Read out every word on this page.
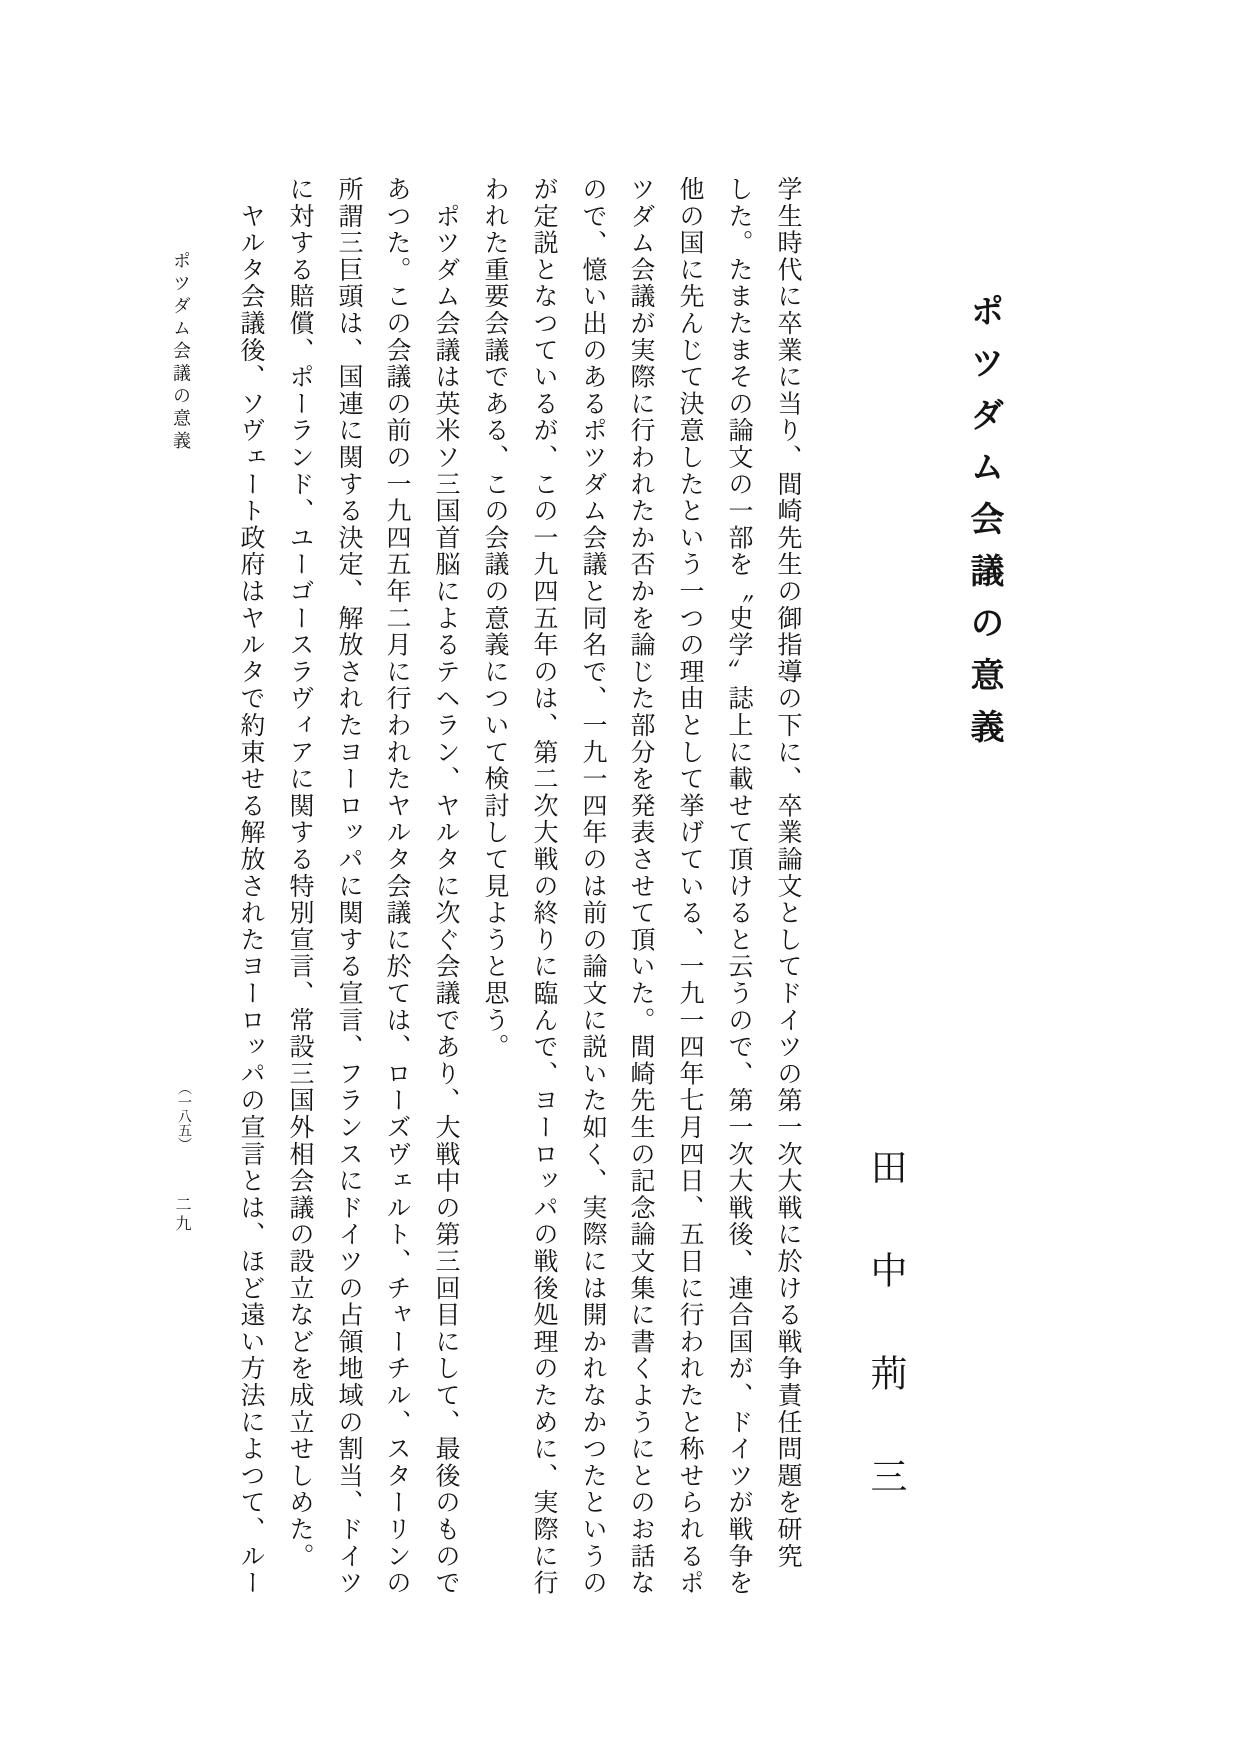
ポツダム会議の意義
田中荊三
学生時代に卒業に当り、間崎先生の御指導の下に、卒業論文としてドイツの第一次大戦に於ける戦争責任問題を研究
した。たまたまその論文の一部を〝史学〟誌上に載せて頂けると云うので、第一次大戦後、連合国が、ドイツが戦争を
他の国に先んじて決意したという一つの理由として挙げている、一九一四年七月四日、五日に行われたと称せられるポ
ツダム会議が実際に行われたか否かを論じた部分を発表させて頂いた。間崎先生の記念論文集に書くようにとのお話な
ので、憶い出のあるポツダム会議と同名で、一九一四年のは前の論文に説いた如く、実際には開かれなかつたというの
が定説となつているが、この一九四五年のは、第二次大戦の終りに臨んで、ヨーロッパの戦後処理のために、実際に行
われた重要会議である、この会議の意義について検討して見ようと思う。
　ポツダム会議は英米ソ三国首脳によるテヘラン、ヤルタに次ぐ会議であり、大戦中の第三回目にして、最後のもので
あつた。この会議の前の一九四五年二月に行われたヤルタ会議に於ては、ローズヴェルト、チャーチル、スターリンの
所謂三巨頭は、国連に関する決定、解放されたヨーロッパに関する宣言、フランスにドイツの占領地域の割当、ドイツ
に対する賠償、ポーランド、ユーゴースラヴィアに関する特別宣言、常設三国外相会議の設立などを成立せしめた。
　ヤルタ会議後、ソヴェート政府はヤルタで約束せる解放されたヨーロッパの宣言とは、ほど遠い方法によつて、ルー
ポツダム会議の意義
（一八五）
二九
